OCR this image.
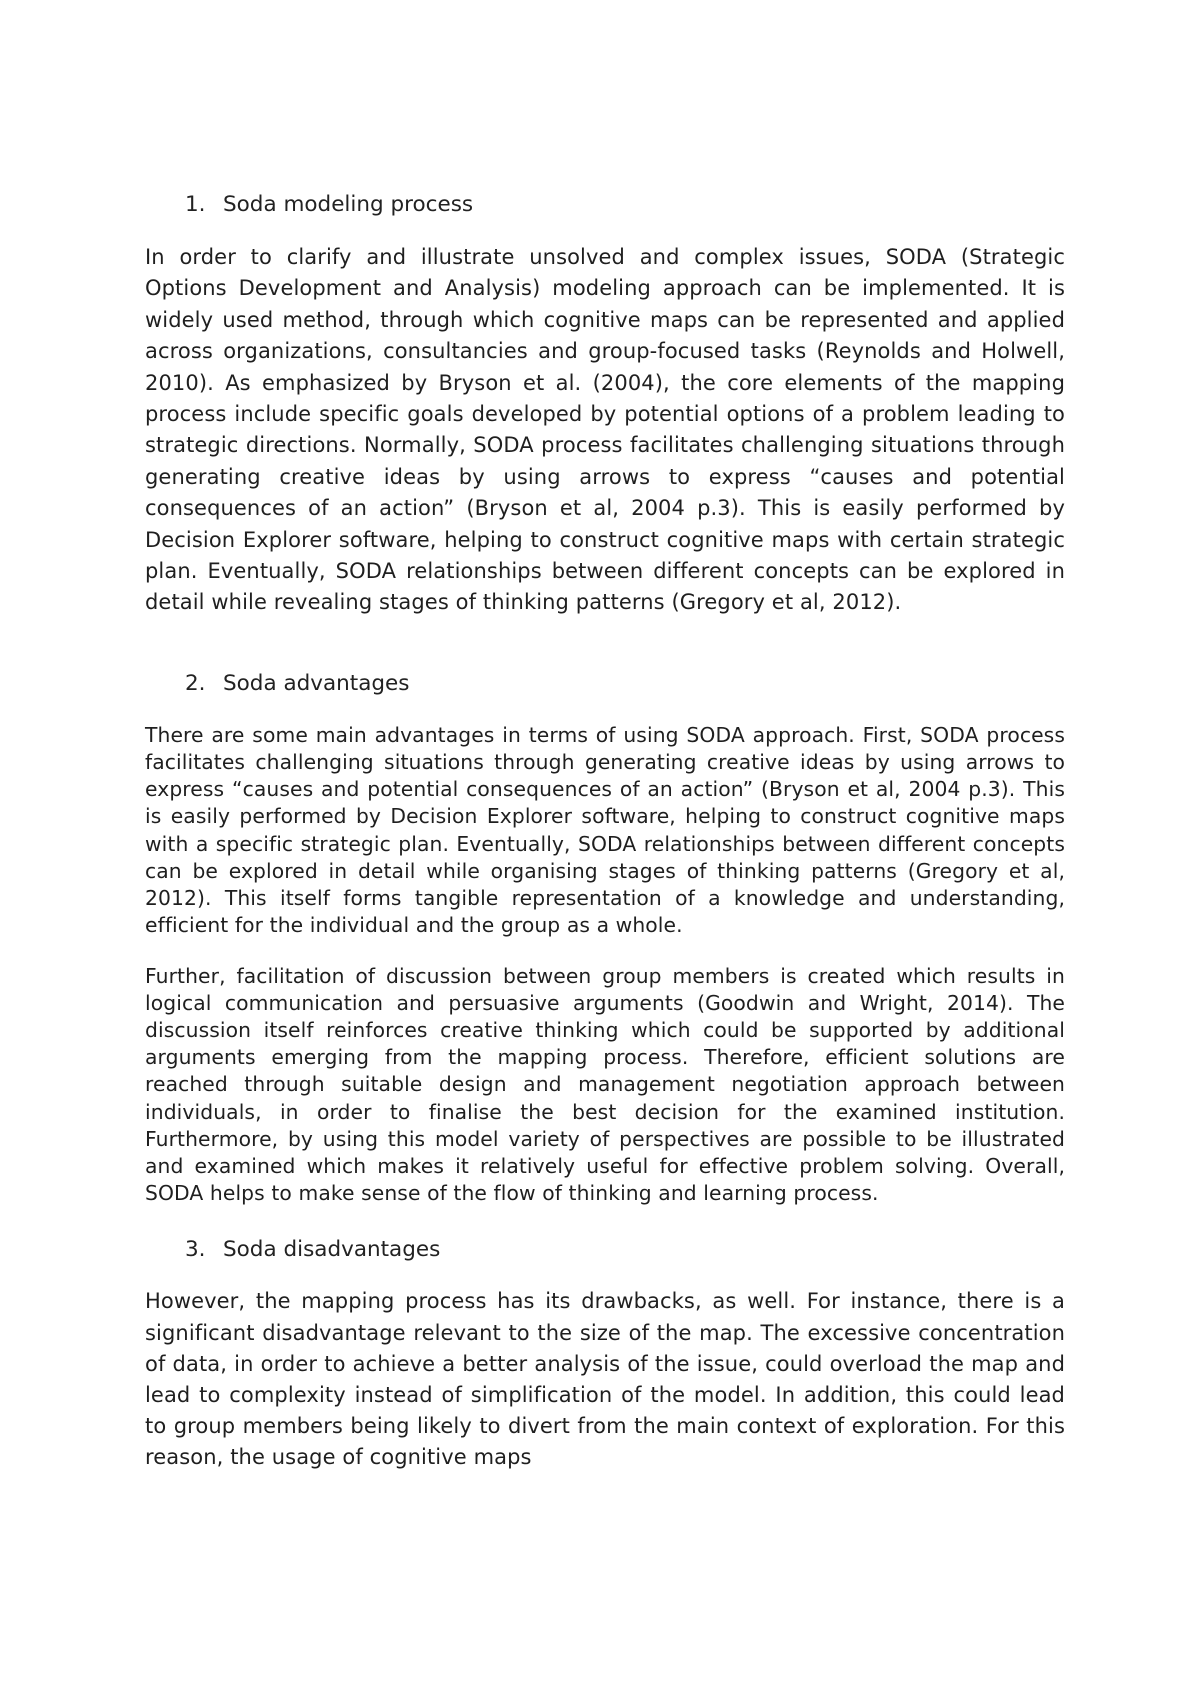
1. Soda modeling process

In order to clarify and illustrate unsolved and complex issues, SODA (Strategic Options Development and Analysis) modeling approach can be implemented. It is widely used method, through which cognitive maps can be represented and applied across organizations, consultancies and group-focused tasks (Reynolds and Holwell, 2010). As emphasized by Bryson et al. (2004), the core elements of the mapping process include specific goals developed by potential options of a problem leading to strategic directions. Normally, SODA process facilitates challenging situations through generating creative ideas by using arrows to express “causes and potential consequences of an action” (Bryson et al, 2004 p.3). This is easily performed by Decision Explorer software, helping to construct cognitive maps with certain strategic plan. Eventually, SODA relationships between different concepts can be explored in detail while revealing stages of thinking patterns (Gregory et al, 2012).

2. Soda advantages

There are some main advantages in terms of using SODA approach. First, SODA process facilitates challenging situations through generating creative ideas by using arrows to express “causes and potential consequences of an action” (Bryson et al, 2004 p.3). This is easily performed by Decision Explorer software, helping to construct cognitive maps with a specific strategic plan. Eventually, SODA relationships between different concepts can be explored in detail while organising stages of thinking patterns (Gregory et al, 2012). This itself forms tangible representation of a knowledge and understanding, efficient for the individual and the group as a whole.

Further, facilitation of discussion between group members is created which results in logical communication and persuasive arguments (Goodwin and Wright, 2014). The discussion itself reinforces creative thinking which could be supported by additional arguments emerging from the mapping process. Therefore, efficient solutions are reached through suitable design and management negotiation approach between individuals, in order to finalise the best decision for the examined institution. Furthermore, by using this model variety of perspectives are possible to be illustrated and examined which makes it relatively useful for effective problem solving. Overall, SODA helps to make sense of the flow of thinking and learning process.

3. Soda disadvantages

However, the mapping process has its drawbacks, as well. For instance, there is a significant disadvantage relevant to the size of the map. The excessive concentration of data, in order to achieve a better analysis of the issue, could overload the map and lead to complexity instead of simplification of the model. In addition, this could lead to group members being likely to divert from the main context of exploration. For this reason, the usage of cognitive maps
